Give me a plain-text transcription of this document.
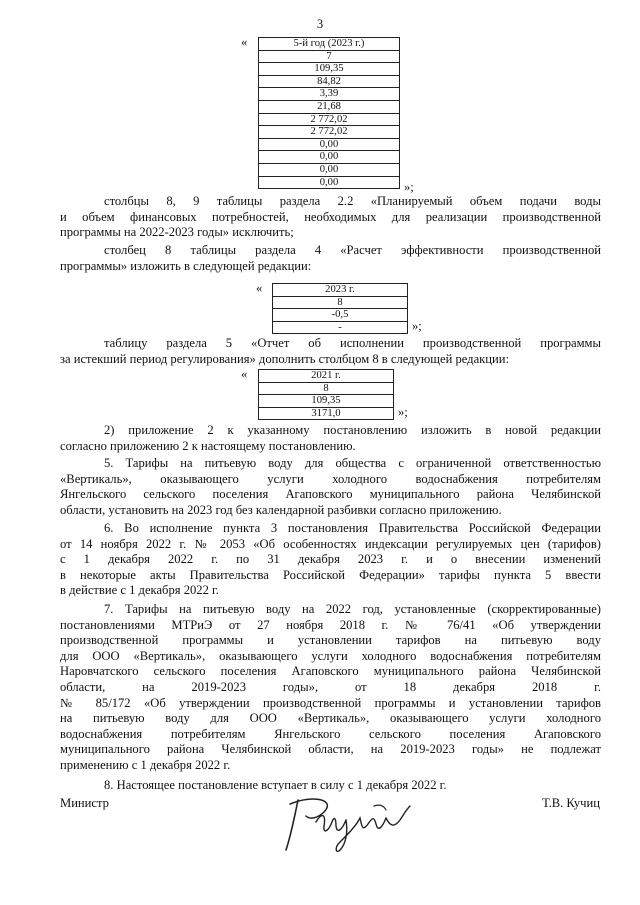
3
«	5-й год (2023 г.)
7
109,35
84,82
3,39
21,68
2 772,02
2 772,02
0,00
0,00
0,00
0,00	»;
столбцы 8, 9 таблицы раздела 2.2 «Планируемый объем подачи воды
и объем финансовых потребностей, необходимых для реализации производственной
программы на 2022-2023 годы» исключить;
столбец 8 таблицы раздела 4 «Расчет эффективности производственной
программы» изложить в следующей редакции:
«	2023 г.
8
-0,5
-	»;
таблицу раздела 5 «Отчет об исполнении производственной программы
за истекший период регулирования» дополнить столбцом 8 в следующей редакции:
«	2021 г.
8
109,35
3171,0	»;
2) приложение 2 к указанному постановлению изложить в новой редакции
согласно приложению 2 к настоящему постановлению.
5. Тарифы на питьевую воду для общества с ограниченной ответственностью
«Вертикаль», оказывающего услуги холодного водоснабжения потребителям
Янгельского сельского поселения Агаповского муниципального района Челябинской
области, установить на 2023 год без календарной разбивки согласно приложению.
6. Во исполнение пункта 3 постановления Правительства Российской Федерации
от 14 ноября 2022 г. № 2053 «Об особенностях индексации регулируемых цен (тарифов)
с 1 декабря 2022 г. по 31 декабря 2023 г. и о внесении изменений
в некоторые акты Правительства Российской Федерации» тарифы пункта 5 ввести
в действие с 1 декабря 2022 г.
7. Тарифы на питьевую воду на 2022 год, установленные (скорректированные)
постановлениями МТРиЭ от 27 ноября 2018 г. № 76/41 «Об утверждении
производственной программы и установлении тарифов на питьевую воду
для ООО «Вертикаль», оказывающего услуги холодного водоснабжения потребителям
Наровчатского сельского поселения Агаповского муниципального района Челябинской
области, на 2019-2023 годы», от 18 декабря 2018 г.
№ 85/172 «Об утверждении производственной программы и установлении тарифов
на питьевую воду для ООО «Вертикаль», оказывающего услуги холодного
водоснабжения потребителям Янгельского сельского поселения Агаповского
муниципального района Челябинской области, на 2019-2023 годы» не подлежат
применению с 1 декабря 2022 г.
8. Настоящее постановление вступает в силу с 1 декабря 2022 г.
Министр	Т.В. Кучиц
